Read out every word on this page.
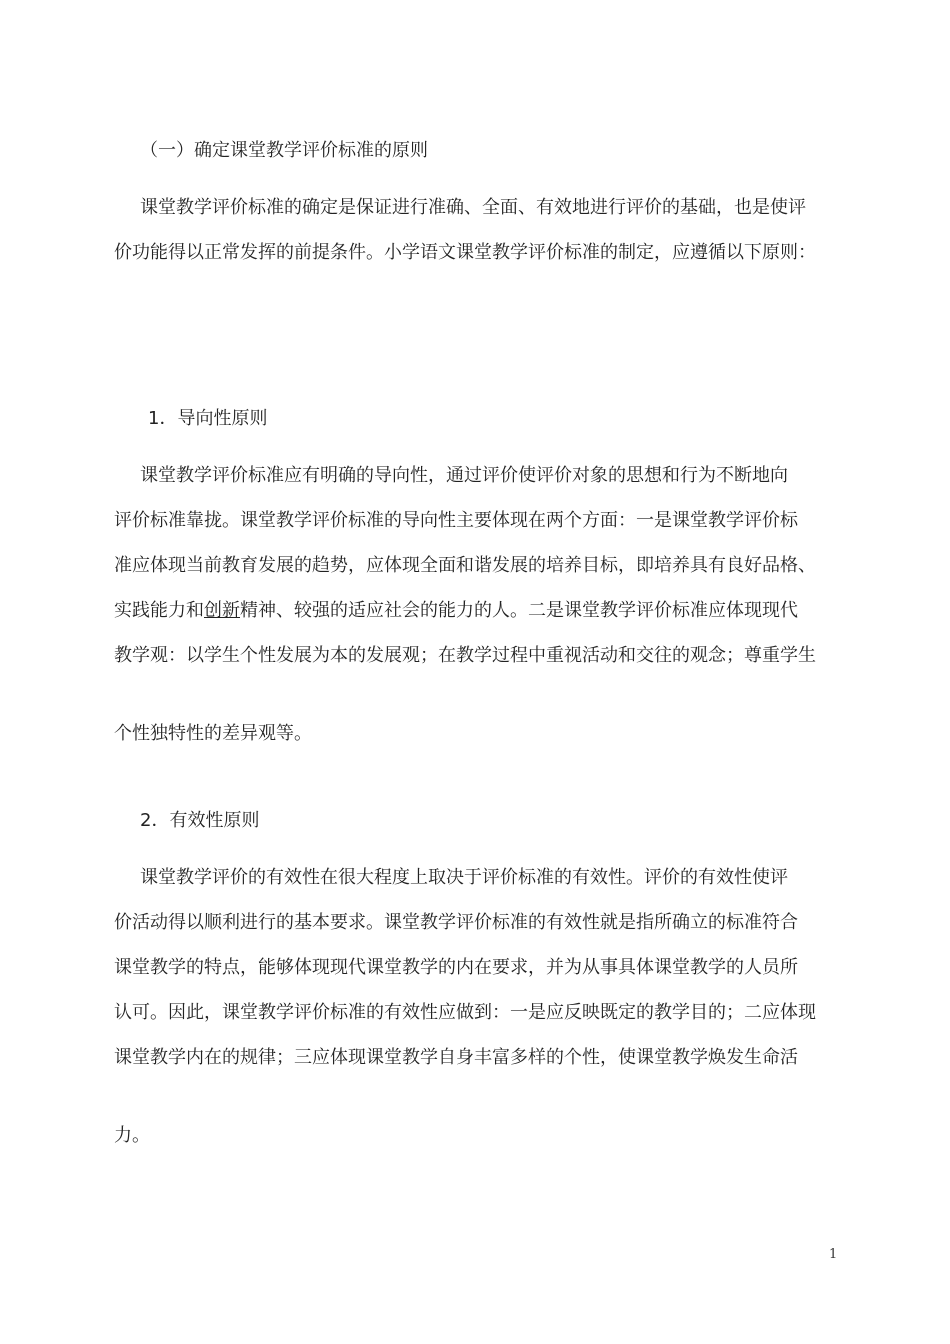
（一）确定课堂教学评价标准的原则
课堂教学评价标准的确定是保证进行准确、全面、有效地进行评价的基础，也是使评
价功能得以正常发挥的前提条件。小学语文课堂教学评价标准的制定，应遵循以下原则：
1．导向性原则
课堂教学评价标准应有明确的导向性，通过评价使评价对象的思想和行为不断地向
评价标准靠拢。课堂教学评价标准的导向性主要体现在两个方面：一是课堂教学评价标
准应体现当前教育发展的趋势，应体现全面和谐发展的培养目标，即培养具有良好品格、
实践能力和创新精神、较强的适应社会的能力的人。二是课堂教学评价标准应体现现代
教学观：以学生个性发展为本的发展观；在教学过程中重视活动和交往的观念；尊重学生
个性独特性的差异观等。
2．有效性原则
课堂教学评价的有效性在很大程度上取决于评价标准的有效性。评价的有效性使评
价活动得以顺利进行的基本要求。课堂教学评价标准的有效性就是指所确立的标准符合
课堂教学的特点，能够体现现代课堂教学的内在要求，并为从事具体课堂教学的人员所
认可。因此，课堂教学评价标准的有效性应做到：一是应反映既定的教学目的；二应体现
课堂教学内在的规律；三应体现课堂教学自身丰富多样的个性，使课堂教学焕发生命活
力。
1
